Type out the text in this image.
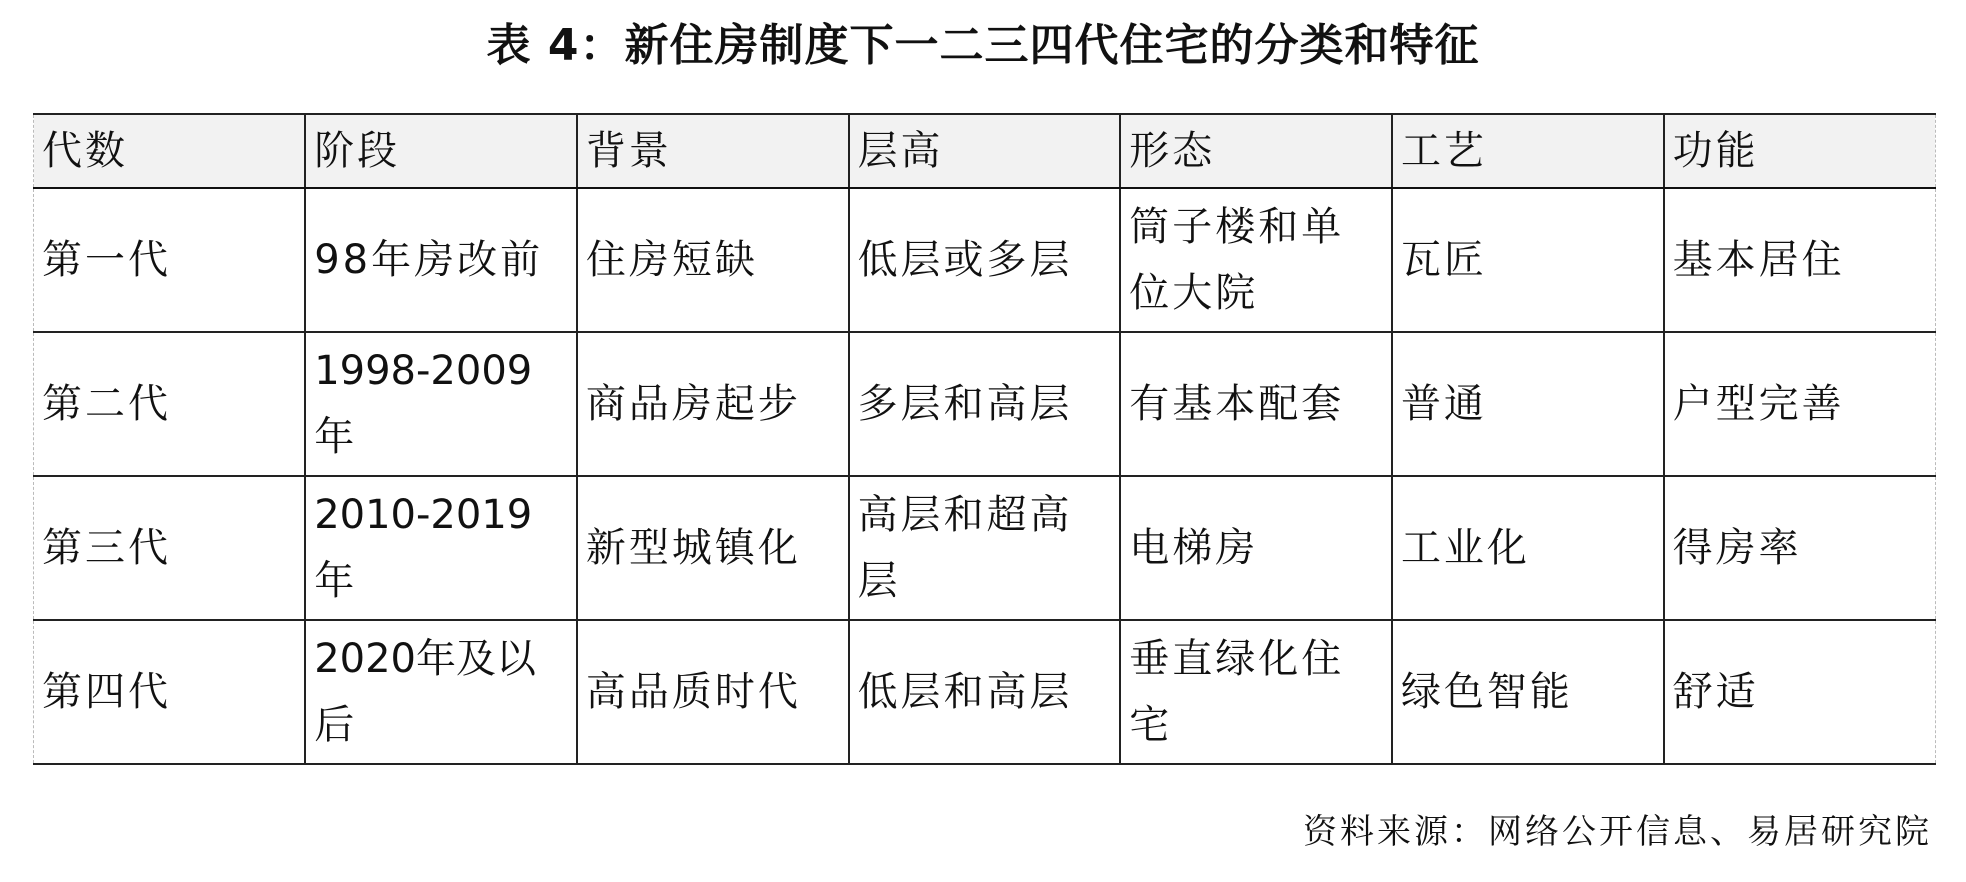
表 4：新住房制度下一二三四代住宅的分类和特征
代数	阶段	背景	层高	形态	工艺	功能
第一代	98年房改前	住房短缺	低层或多层	筒子楼和单位大院	瓦匠	基本居住
第二代	1998-2009年	商品房起步	多层和高层	有基本配套	普通	户型完善
第三代	2010-2019年	新型城镇化	高层和超高层	电梯房	工业化	得房率
第四代	2020年及以后	高品质时代	低层和高层	垂直绿化住宅	绿色智能	舒适
资料来源：网络公开信息、易居研究院
